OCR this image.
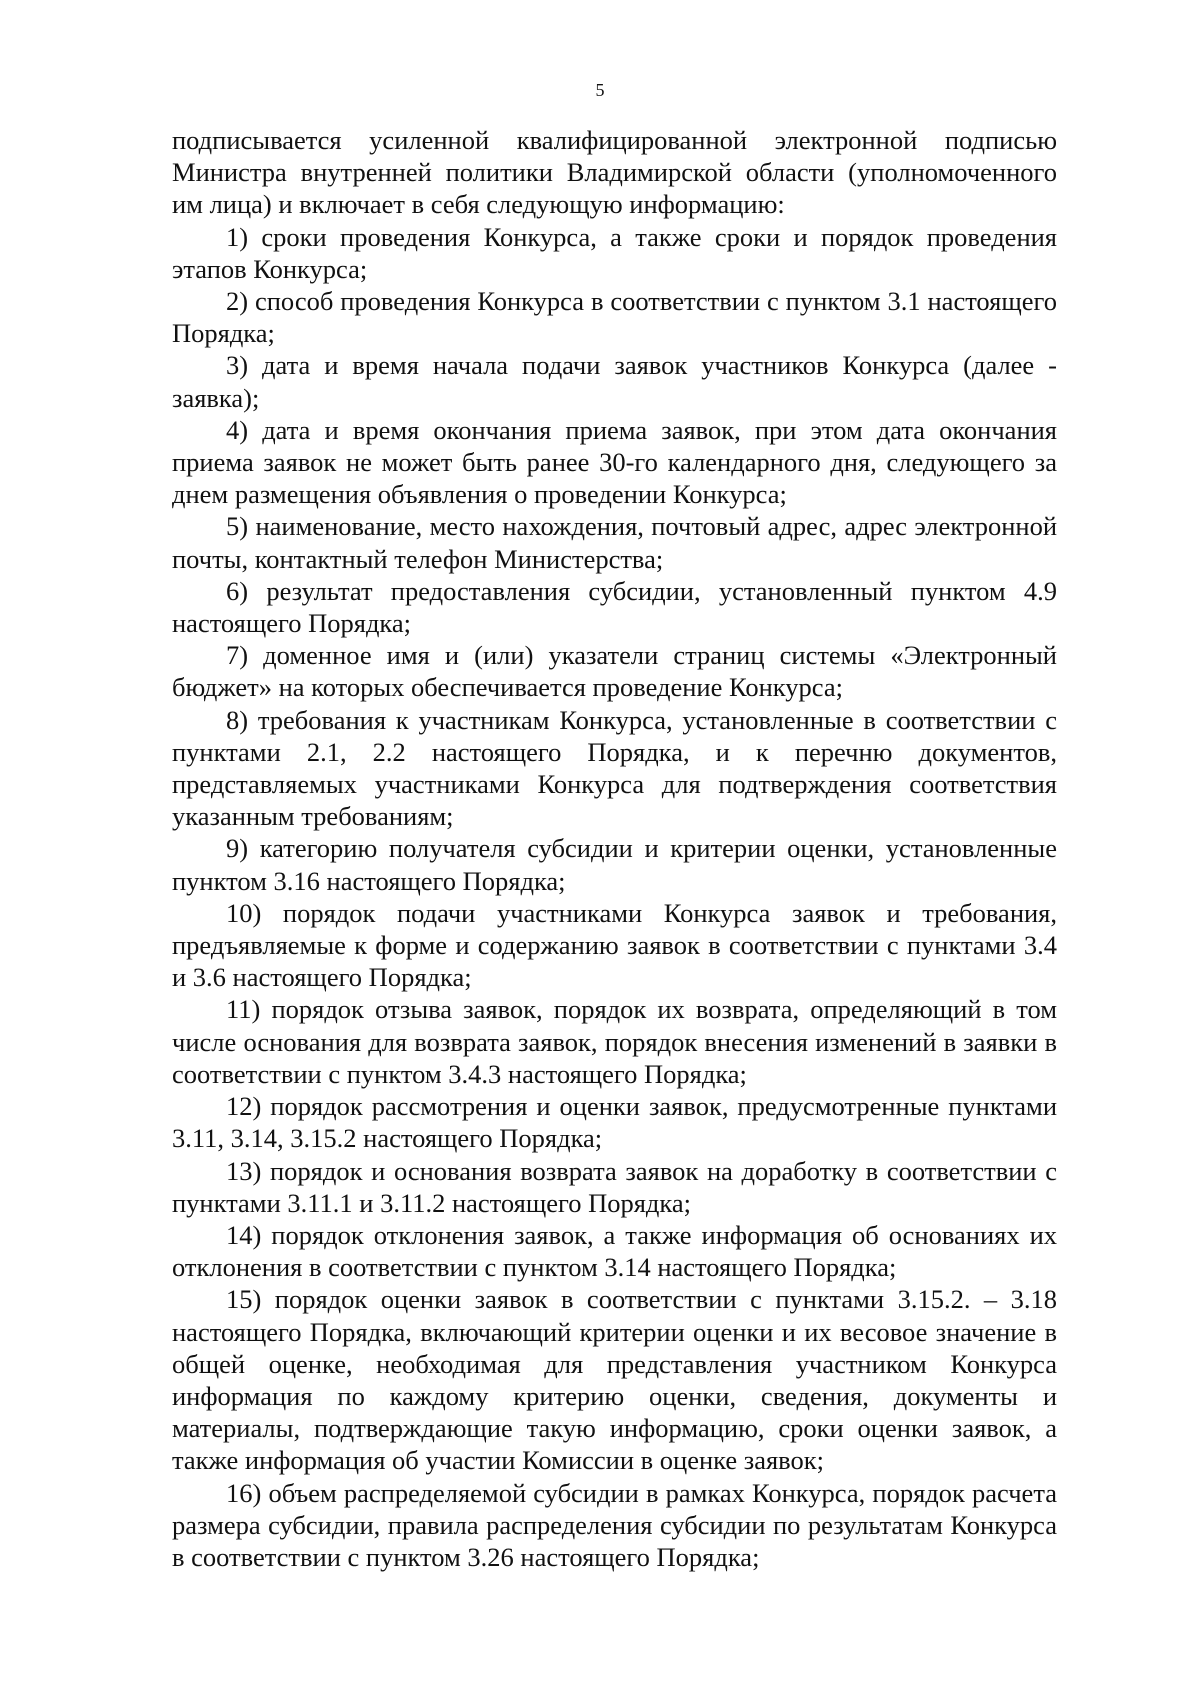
5

подписывается усиленной квалифицированной электронной подписью Министра внутренней политики Владимирской области (уполномоченного им лица) и включает в себя следующую информацию:

1) сроки проведения Конкурса, а также сроки и порядок проведения этапов Конкурса;

2) способ проведения Конкурса в соответствии с пунктом 3.1 настоящего Порядка;

3) дата и время начала подачи заявок участников Конкурса (далее - заявка);

4) дата и время окончания приема заявок, при этом дата окончания приема заявок не может быть ранее 30-го календарного дня, следующего за днем размещения объявления о проведении Конкурса;

5) наименование, место нахождения, почтовый адрес, адрес электронной почты, контактный телефон Министерства;

6) результат предоставления субсидии, установленный пунктом 4.9 настоящего Порядка;

7) доменное имя и (или) указатели страниц системы «Электронный бюджет» на которых обеспечивается проведение Конкурса;

8) требования к участникам Конкурса, установленные в соответствии с пунктами 2.1, 2.2 настоящего Порядка, и к перечню документов, представляемых участниками Конкурса для подтверждения соответствия указанным требованиям;

9) категорию получателя субсидии и критерии оценки, установленные пунктом 3.16 настоящего Порядка;

10) порядок подачи участниками Конкурса заявок и требования, предъявляемые к форме и содержанию заявок в соответствии с пунктами 3.4 и 3.6 настоящего Порядка;

11) порядок отзыва заявок, порядок их возврата, определяющий в том числе основания для возврата заявок, порядок внесения изменений в заявки в соответствии с пунктом 3.4.3 настоящего Порядка;

12) порядок рассмотрения и оценки заявок, предусмотренные пунктами 3.11, 3.14, 3.15.2 настоящего Порядка;

13) порядок и основания возврата заявок на доработку в соответствии с пунктами 3.11.1 и 3.11.2 настоящего Порядка;

14) порядок отклонения заявок, а также информация об основаниях их отклонения в соответствии с пунктом 3.14 настоящего Порядка;

15) порядок оценки заявок в соответствии с пунктами 3.15.2. – 3.18 настоящего Порядка, включающий критерии оценки и их весовое значение в общей оценке, необходимая для представления участником Конкурса информация по каждому критерию оценки, сведения, документы и материалы, подтверждающие такую информацию, сроки оценки заявок, а также информация об участии Комиссии в оценке заявок;

16) объем распределяемой субсидии в рамках Конкурса, порядок расчета размера субсидии, правила распределения субсидии по результатам Конкурса в соответствии с пунктом 3.26 настоящего Порядка;
